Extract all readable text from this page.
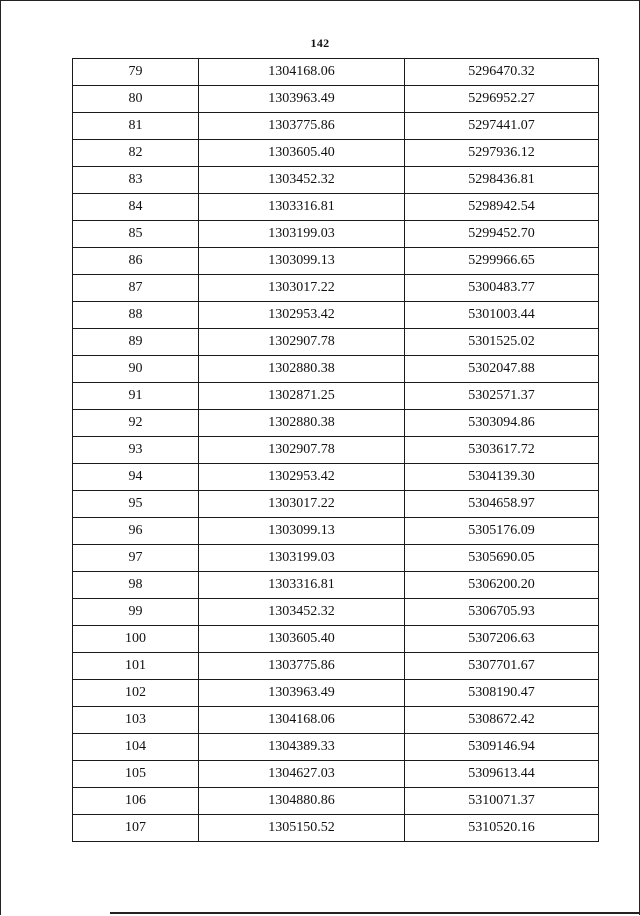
142
79	1304168.06	5296470.32
80	1303963.49	5296952.27
81	1303775.86	5297441.07
82	1303605.40	5297936.12
83	1303452.32	5298436.81
84	1303316.81	5298942.54
85	1303199.03	5299452.70
86	1303099.13	5299966.65
87	1303017.22	5300483.77
88	1302953.42	5301003.44
89	1302907.78	5301525.02
90	1302880.38	5302047.88
91	1302871.25	5302571.37
92	1302880.38	5303094.86
93	1302907.78	5303617.72
94	1302953.42	5304139.30
95	1303017.22	5304658.97
96	1303099.13	5305176.09
97	1303199.03	5305690.05
98	1303316.81	5306200.20
99	1303452.32	5306705.93
100	1303605.40	5307206.63
101	1303775.86	5307701.67
102	1303963.49	5308190.47
103	1304168.06	5308672.42
104	1304389.33	5309146.94
105	1304627.03	5309613.44
106	1304880.86	5310071.37
107	1305150.52	5310520.16
